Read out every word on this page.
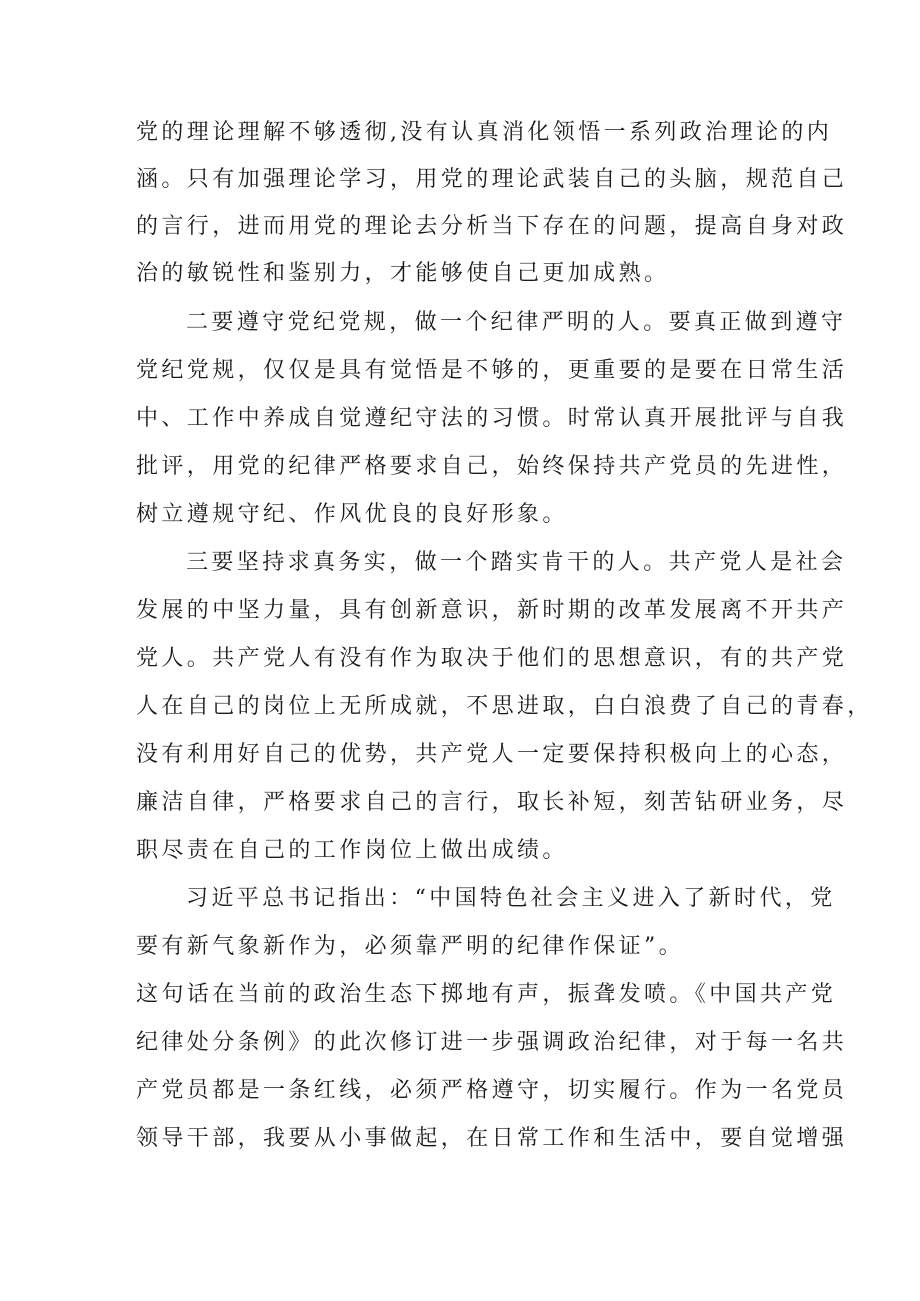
党的理论理解不够透彻,没有认真消化领悟一系列政治理论的内
涵。只有加强理论学习，用党的理论武装自己的头脑，规范自己
的言行，进而用党的理论去分析当下存在的问题，提高自身对政
治的敏锐性和鉴别力，才能够使自己更加成熟。
二要遵守党纪党规，做一个纪律严明的人。要真正做到遵守
党纪党规，仅仅是具有觉悟是不够的，更重要的是要在日常生活
中、工作中养成自觉遵纪守法的习惯。时常认真开展批评与自我
批评，用党的纪律严格要求自己，始终保持共产党员的先进性，
树立遵规守纪、作风优良的良好形象。
三要坚持求真务实，做一个踏实肯干的人。共产党人是社会
发展的中坚力量，具有创新意识，新时期的改革发展离不开共产
党人。共产党人有没有作为取决于他们的思想意识，有的共产党
人在自己的岗位上无所成就，不思进取，白白浪费了自己的青春，
没有利用好自己的优势，共产党人一定要保持积极向上的心态，
廉洁自律，严格要求自己的言行，取长补短，刻苦钻研业务，尽
职尽责在自己的工作岗位上做出成绩。
习近平总书记指出：“中国特色社会主义进入了新时代，党
要有新气象新作为，必须靠严明的纪律作保证”。
这句话在当前的政治生态下掷地有声，振聋发喷。《中国共产党
纪律处分条例》的此次修订进一步强调政治纪律，对于每一名共
产党员都是一条红线，必须严格遵守，切实履行。作为一名党员
领导干部，我要从小事做起，在日常工作和生活中，要自觉增强
